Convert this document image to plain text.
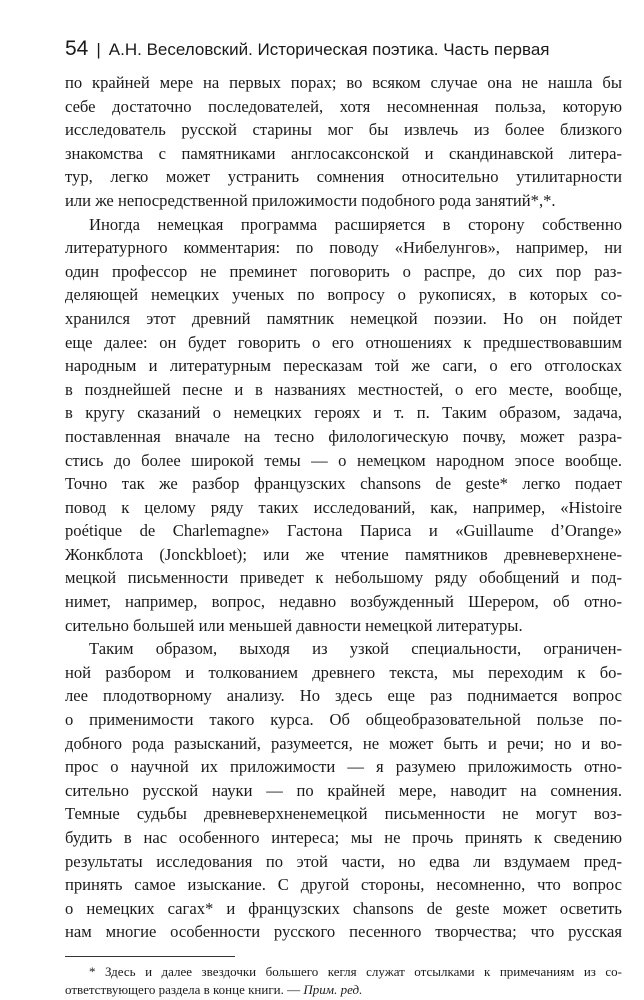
54 | А.Н. Веселовский. Историческая поэтика. Часть первая
по крайней мере на первых порах; во всяком случае она не нашла бы
себе достаточно последователей, хотя несомненная польза, которую
исследователь русской старины мог бы извлечь из более близкого
знакомства с памятниками англосаксонской и скандинавской литера-
тур, легко может устранить сомнения относительно утилитарности
или же непосредственной приложимости подобного рода занятий*,*.
Иногда немецкая программа расширяется в сторону собственно
литературного комментария: по поводу «Нибелунгов», например, ни
один профессор не преминет поговорить о распре, до сих пор раз-
деляющей немецких ученых по вопросу о рукописях, в которых со-
хранился этот древний памятник немецкой поэзии. Но он пойдет
еще далее: он будет говорить о его отношениях к предшествовавшим
народным и литературным пересказам той же саги, о его отголосках
в позднейшей песне и в названиях местностей, о его месте, вообще,
в кругу сказаний о немецких героях и т. п. Таким образом, задача,
поставленная вначале на тесно филологическую почву, может разра-
стись до более широкой темы — о немецком народном эпосе вообще.
Точно так же разбор французских chansons de geste* легко подает
повод к целому ряду таких исследований, как, например, «Histoire
poétique de Charlemagne» Гастона Париса и «Guillaume d’Orange»
Жонкблота (Jonckbloet); или же чтение памятников древневерхнене-
мецкой письменности приведет к небольшому ряду обобщений и под-
нимет, например, вопрос, недавно возбужденный Шерером, об отно-
сительно большей или меньшей давности немецкой литературы.
Таким образом, выходя из узкой специальности, ограничен-
ной разбором и толкованием древнего текста, мы переходим к бо-
лее плодотворному анализу. Но здесь еще раз поднимается вопрос
о применимости такого курса. Об общеобразовательной пользе по-
добного рода разысканий, разумеется, не может быть и речи; но и во-
прос о научной их приложимости — я разумею приложимость отно-
сительно русской науки — по крайней мере, наводит на сомнения.
Темные судьбы древневерхненемецкой письменности не могут воз-
будить в нас особенного интереса; мы не прочь принять к сведению
результаты исследования по этой части, но едва ли вздумаем пред-
принять самое изыскание. С другой стороны, несомненно, что вопрос
о немецких сагах* и французских chansons de geste может осветить
нам многие особенности русского песенного творчества; что русская
* Здесь и далее звездочки большего кегля служат отсылками к примечаниям из со-
ответствующего раздела в конце книги. — Прим. ред.
